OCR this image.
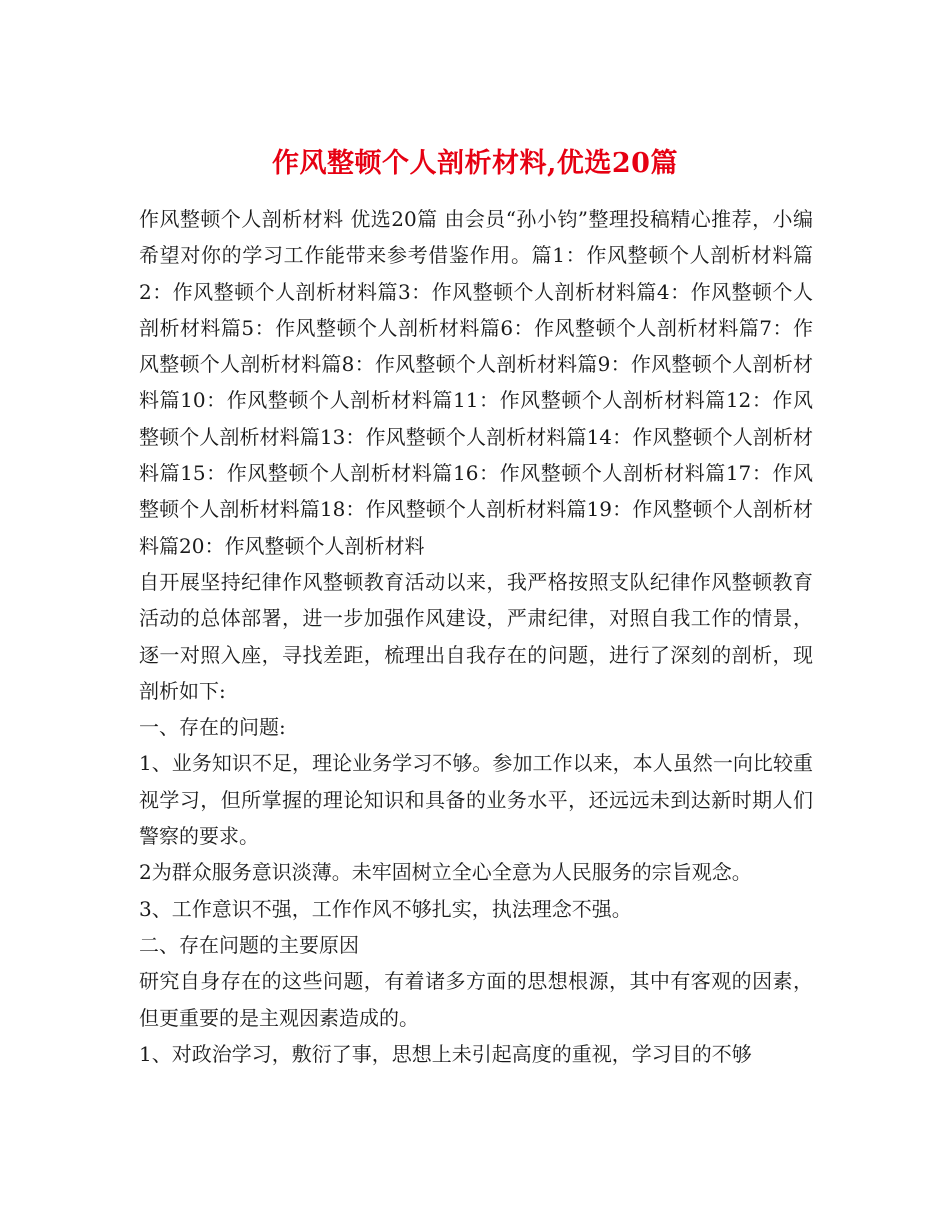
作风整顿个人剖析材料,优选20篇

作风整顿个人剖析材料 优选20篇 由会员“孙小钧”整理投稿精心推荐，小编希望对你的学习工作能带来参考借鉴作用。篇1：作风整顿个人剖析材料篇2：作风整顿个人剖析材料篇3：作风整顿个人剖析材料篇4：作风整顿个人剖析材料篇5：作风整顿个人剖析材料篇6：作风整顿个人剖析材料篇7：作风整顿个人剖析材料篇8：作风整顿个人剖析材料篇9：作风整顿个人剖析材料篇10：作风整顿个人剖析材料篇11：作风整顿个人剖析材料篇12：作风整顿个人剖析材料篇13：作风整顿个人剖析材料篇14：作风整顿个人剖析材料篇15：作风整顿个人剖析材料篇16：作风整顿个人剖析材料篇17：作风整顿个人剖析材料篇18：作风整顿个人剖析材料篇19：作风整顿个人剖析材料篇20：作风整顿个人剖析材料

自开展坚持纪律作风整顿教育活动以来，我严格按照支队纪律作风整顿教育活动的总体部署，进一步加强作风建设，严肃纪律，对照自我工作的情景，逐一对照入座，寻找差距，梳理出自我存在的问题，进行了深刻的剖析，现剖析如下:

一、存在的问题:

1、业务知识不足，理论业务学习不够。参加工作以来，本人虽然一向比较重视学习，但所掌握的理论知识和具备的业务水平，还远远未到达新时期人们警察的要求。

2为群众服务意识淡薄。未牢固树立全心全意为人民服务的宗旨观念。

3、工作意识不强，工作作风不够扎实，执法理念不强。

二、存在问题的主要原因

研究自身存在的这些问题，有着诸多方面的思想根源，其中有客观的因素，但更重要的是主观因素造成的。

1、对政治学习，敷衍了事，思想上未引起高度的重视，学习目的不够
